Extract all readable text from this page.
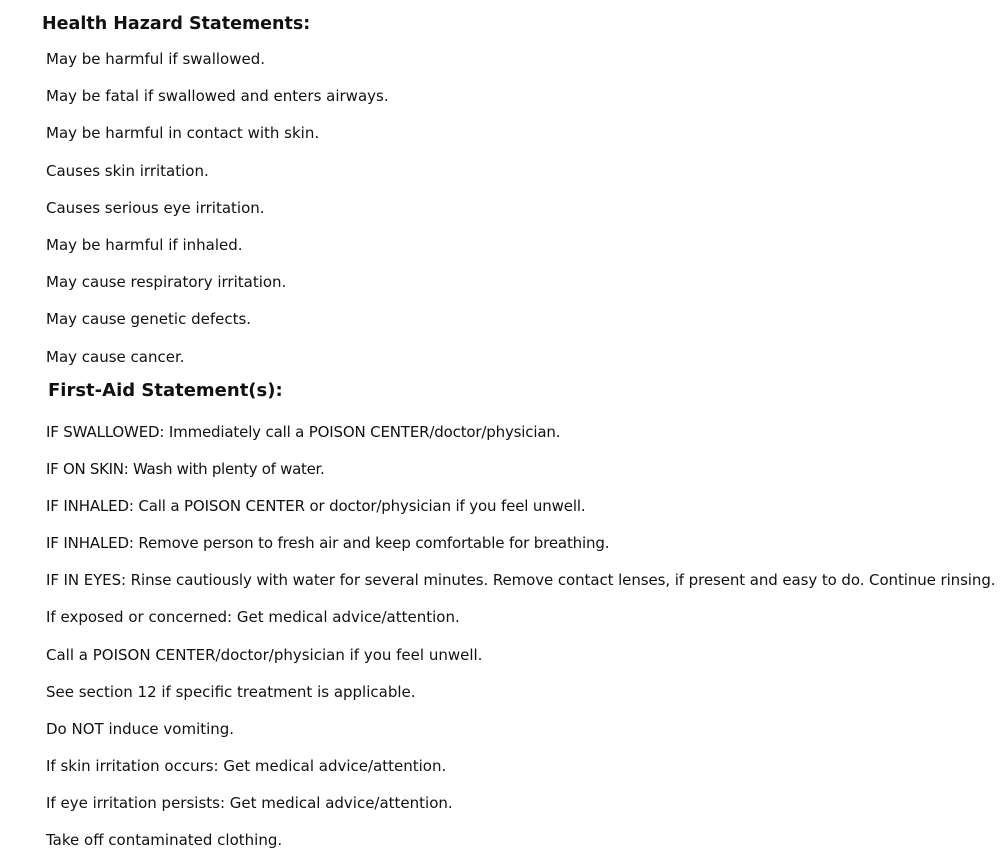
Health Hazard Statements:
May be harmful if swallowed.
May be fatal if swallowed and enters airways.
May be harmful in contact with skin.
Causes skin irritation.
Causes serious eye irritation.
May be harmful if inhaled.
May cause respiratory irritation.
May cause genetic defects.
May cause cancer.
First-Aid Statement(s):
IF SWALLOWED: Immediately call a POISON CENTER/doctor/physician.
IF ON SKIN: Wash with plenty of water.
IF INHALED: Call a POISON CENTER or doctor/physician if you feel unwell.
IF INHALED: Remove person to fresh air and keep comfortable for breathing.
IF IN EYES: Rinse cautiously with water for several minutes. Remove contact lenses, if present and easy to do. Continue rinsing.
If exposed or concerned: Get medical advice/attention.
Call a POISON CENTER/doctor/physician if you feel unwell.
See section 12 if specific treatment is applicable.
Do NOT induce vomiting.
If skin irritation occurs: Get medical advice/attention.
If eye irritation persists: Get medical advice/attention.
Take off contaminated clothing.
